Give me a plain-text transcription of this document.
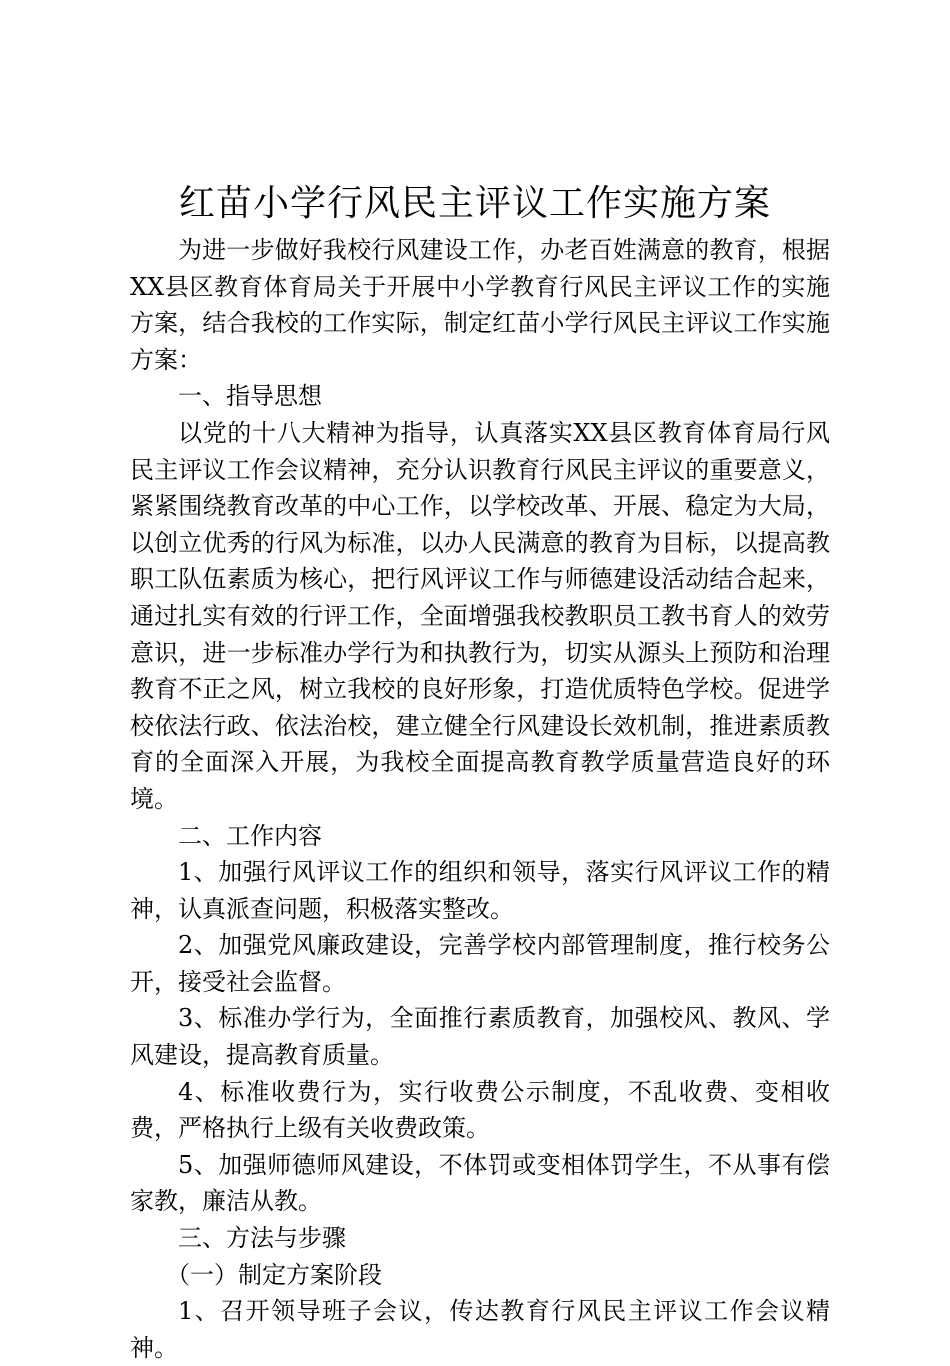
红苗小学行风民主评议工作实施方案

为进一步做好我校行风建设工作，办老百姓满意的教育，根据XX县区教育体育局关于开展中小学教育行风民主评议工作的实施方案，结合我校的工作实际，制定红苗小学行风民主评议工作实施方案：

一、指导思想

以党的十八大精神为指导，认真落实XX县区教育体育局行风民主评议工作会议精神，充分认识教育行风民主评议的重要意义，紧紧围绕教育改革的中心工作，以学校改革、开展、稳定为大局，以创立优秀的行风为标准，以办人民满意的教育为目标，以提高教职工队伍素质为核心，把行风评议工作与师德建设活动结合起来，通过扎实有效的行评工作，全面增强我校教职员工教书育人的效劳意识，进一步标准办学行为和执教行为，切实从源头上预防和治理教育不正之风，树立我校的良好形象，打造优质特色学校。促进学校依法行政、依法治校，建立健全行风建设长效机制，推进素质教育的全面深入开展，为我校全面提高教育教学质量营造良好的环境。

二、工作内容

1、加强行风评议工作的组织和领导，落实行风评议工作的精神，认真派查问题，积极落实整改。

2、加强党风廉政建设，完善学校内部管理制度，推行校务公开，接受社会监督。

3、标准办学行为，全面推行素质教育，加强校风、教风、学风建设，提高教育质量。

4、标准收费行为，实行收费公示制度，不乱收费、变相收费，严格执行上级有关收费政策。

5、加强师德师风建设，不体罚或变相体罚学生，不从事有偿家教，廉洁从教。

三、方法与步骤

（一）制定方案阶段

1、召开领导班子会议，传达教育行风民主评议工作会议精神。
